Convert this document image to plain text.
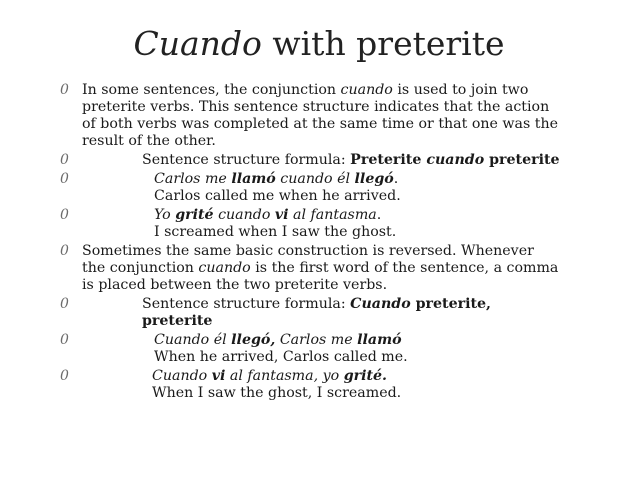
Cuando with preterite
0 In some sentences, the conjunction cuando is used to join two preterite verbs. This sentence structure indicates that the action of both verbs was completed at the same time or that one was the result of the other.
0	Sentence structure formula: Preterite cuando preterite
0	Carlos me llamó cuando él llegó.
Carlos called me when he arrived.
0	Yo grité cuando vi al fantasma.
I screamed when I saw the ghost.
0 Sometimes the same basic construction is reversed. Whenever the conjunction cuando is the first word of the sentence, a comma is placed between the two preterite verbs.
0	Sentence structure formula: Cuando preterite, preterite
0	Cuando él llegó, Carlos me llamó
When he arrived, Carlos called me.
0	Cuando vi al fantasma, yo grité.
When I saw the ghost, I screamed.
